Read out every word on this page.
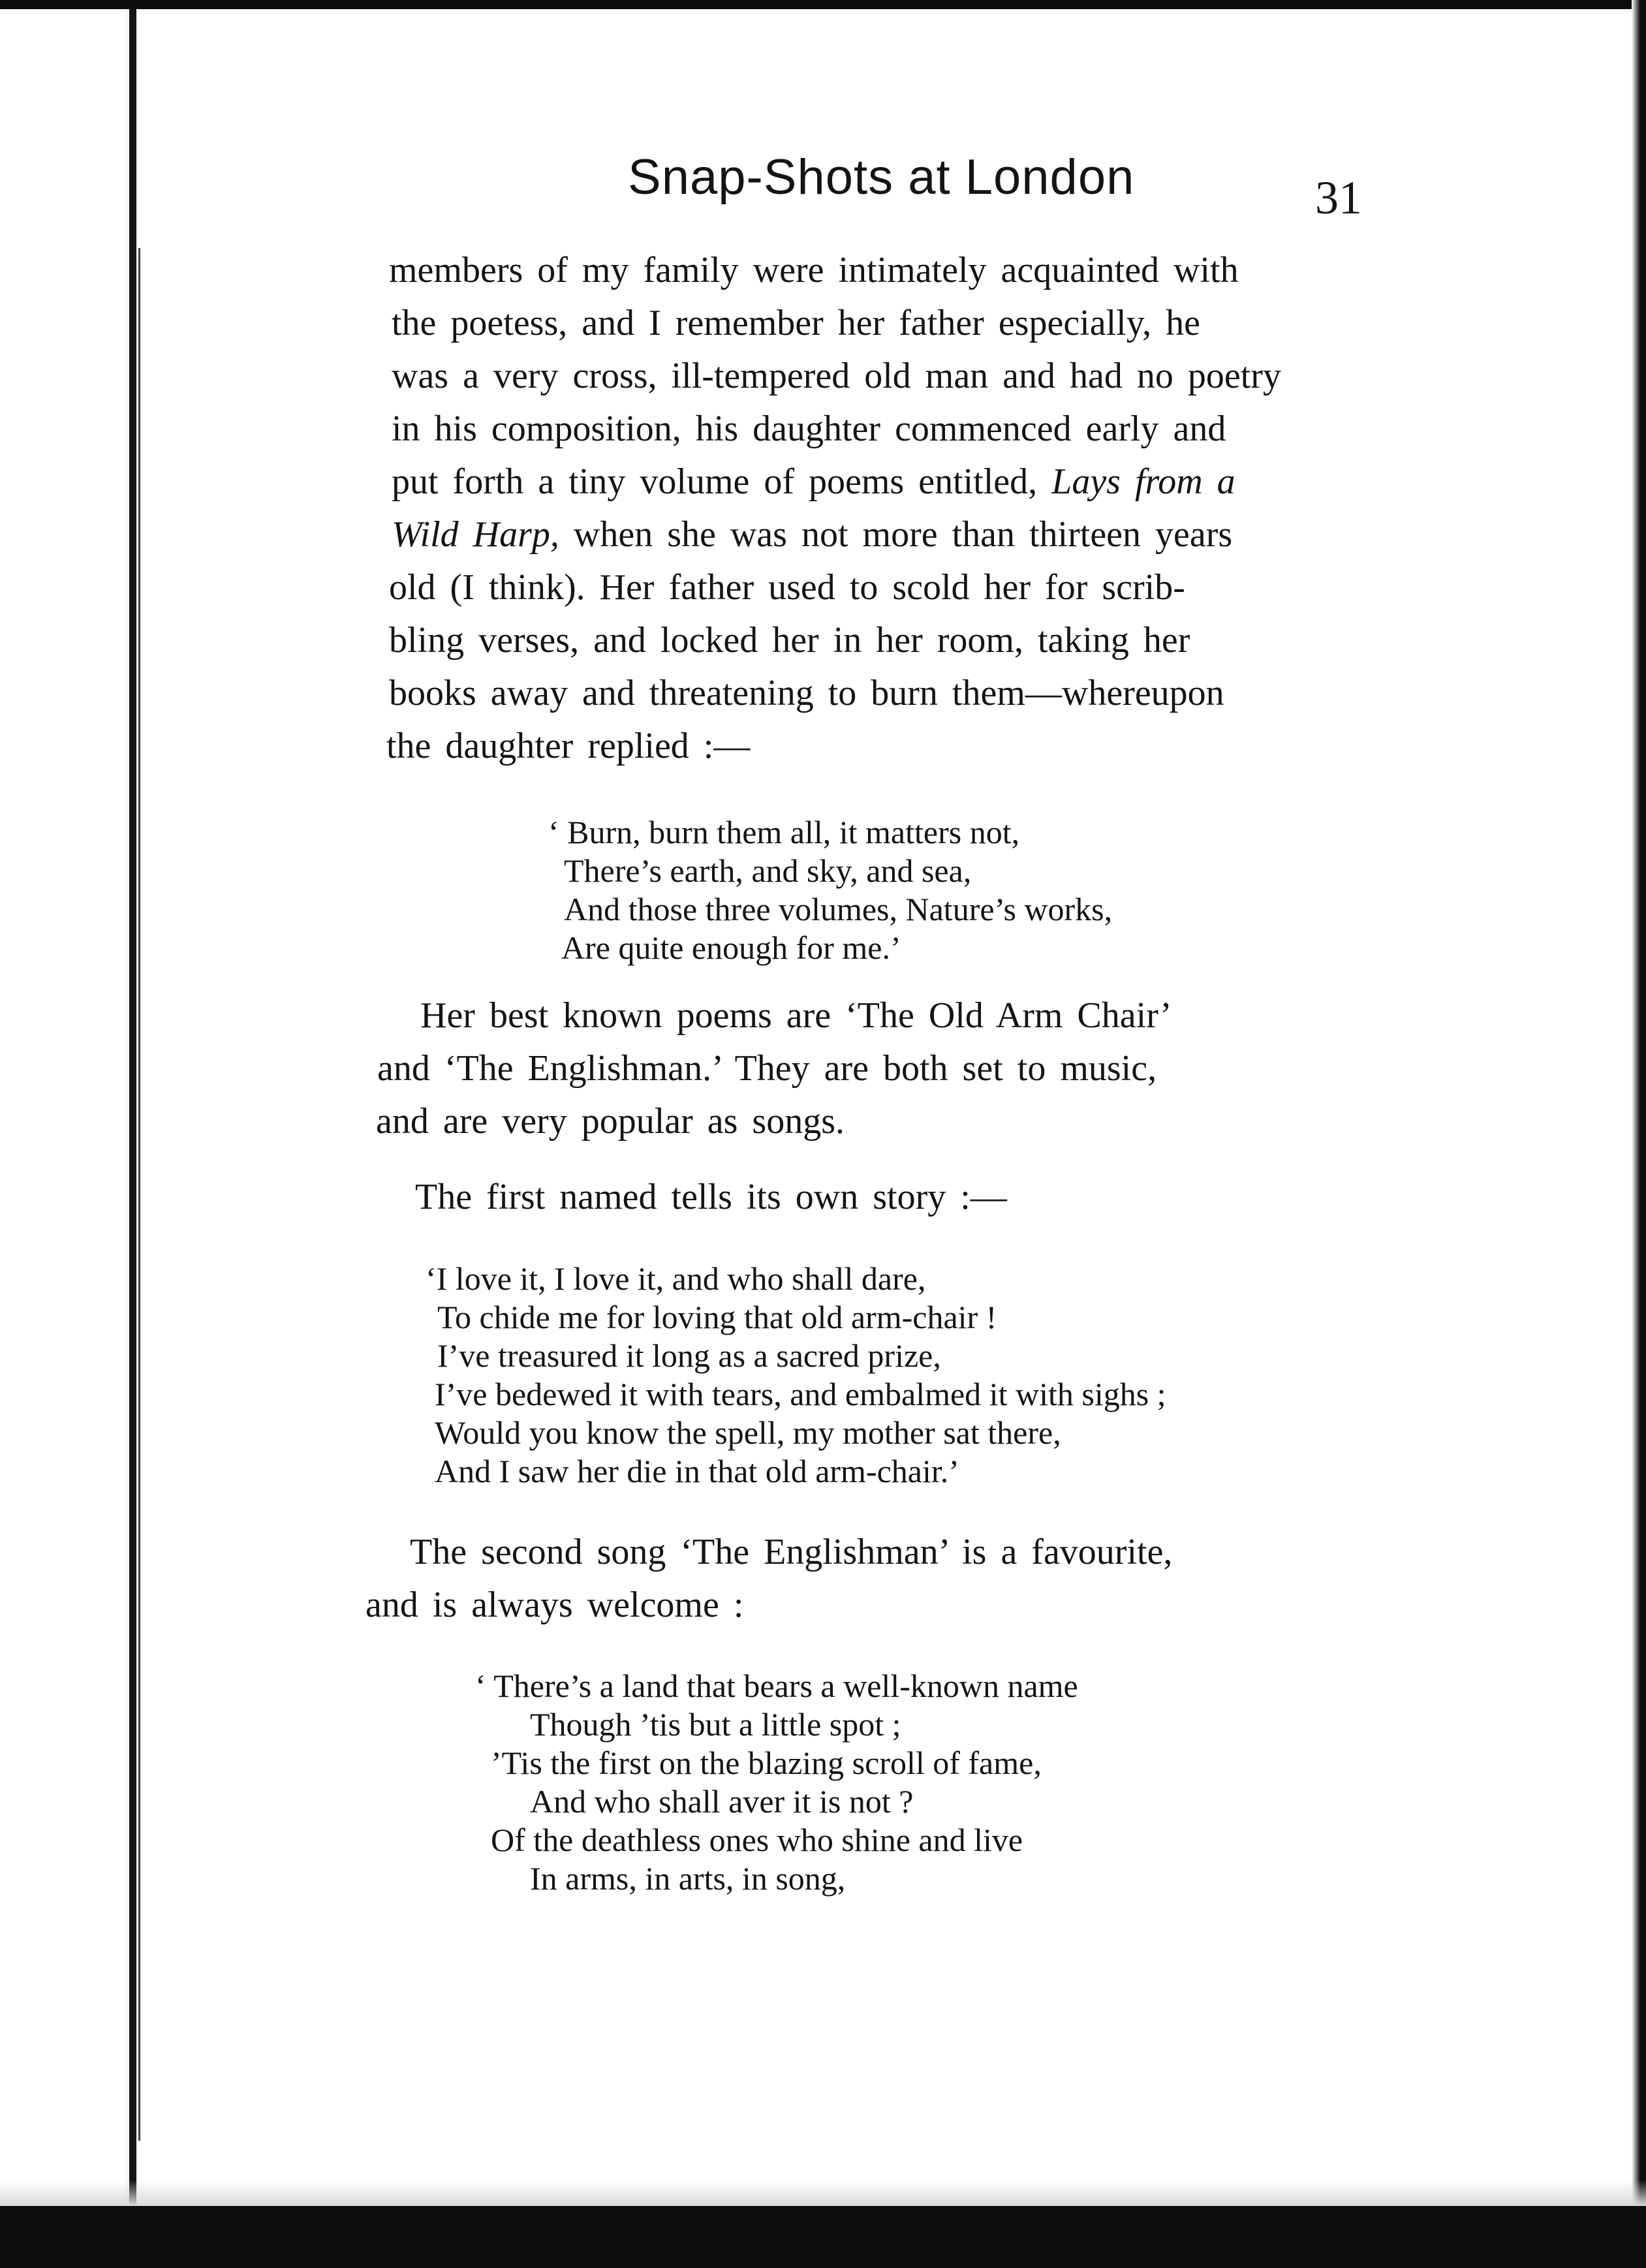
Snap-Shots at London	31
members of my family were intimately acquainted with
the poetess, and I remember her father especially, he
was a very cross, ill-tempered old man and had no poetry
in his composition, his daughter commenced early and
put forth a tiny volume of poems entitled, Lays from a
Wild Harp, when she was not more than thirteen years
old (I think). Her father used to scold her for scrib-
bling verses, and locked her in her room, taking her
books away and threatening to burn them—whereupon
the daughter replied :—
‘ Burn, burn them all, it matters not,
There’s earth, and sky, and sea,
And those three volumes, Nature’s works,
Are quite enough for me.’
Her best known poems are ‘The Old Arm Chair’
and ‘The Englishman.’ They are both set to music,
and are very popular as songs.
The first named tells its own story :—
‘I love it, I love it, and who shall dare,
To chide me for loving that old arm-chair !
I’ve treasured it long as a sacred prize,
I’ve bedewed it with tears, and embalmed it with sighs ;
Would you know the spell, my mother sat there,
And I saw her die in that old arm-chair.’
The second song ‘The Englishman’ is a favourite,
and is always welcome :
‘ There’s a land that bears a well-known name
Though ’tis but a little spot ;
’Tis the first on the blazing scroll of fame,
And who shall aver it is not ?
Of the deathless ones who shine and live
In arms, in arts, in song,
